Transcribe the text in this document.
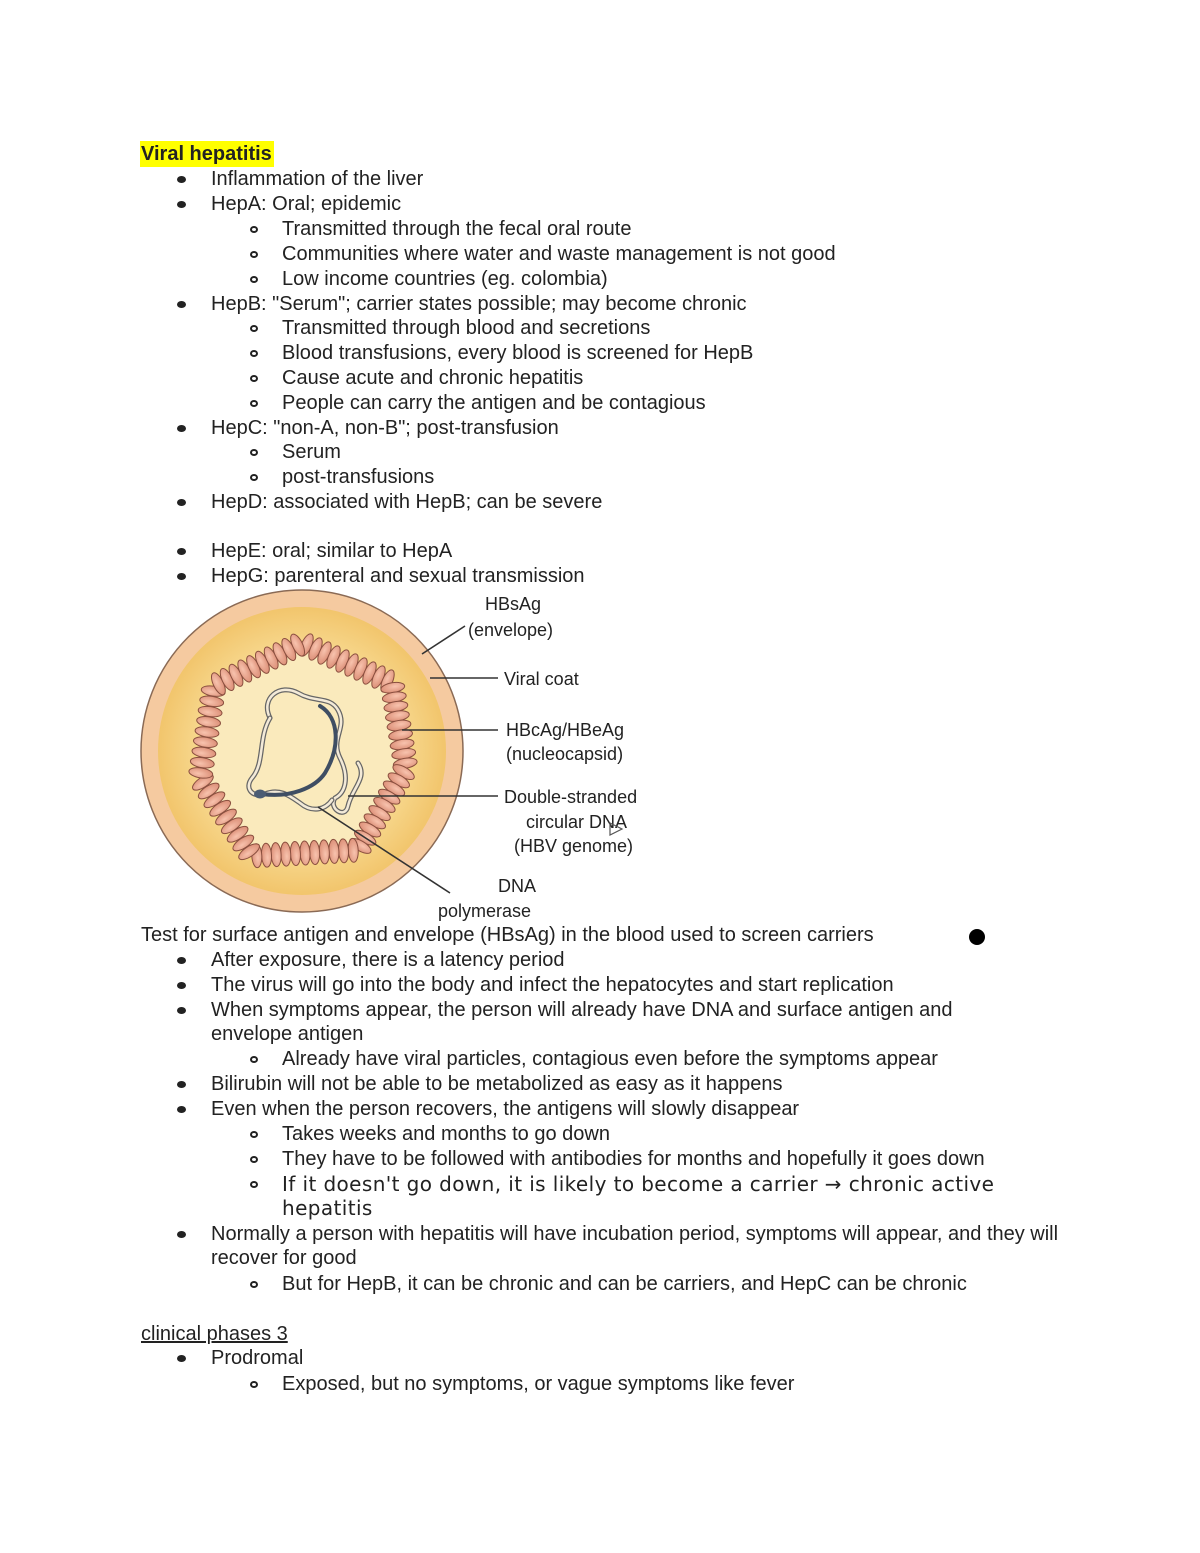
Viral hepatitis
Inflammation of the liver
HepA: Oral; epidemic
Transmitted through the fecal oral route
Communities where water and waste management is not good
Low income countries (eg. colombia)
HepB: "Serum"; carrier states possible; may become chronic
Transmitted through blood and secretions
Blood transfusions, every blood is screened for HepB
Cause acute and chronic hepatitis
People can carry the antigen and be contagious
HepC: "non-A, non-B"; post-transfusion
Serum
post-transfusions
HepD: associated with HepB; can be severe
HepE: oral; similar to HepA
HepG: parenteral and sexual transmission
HBsAg
(envelope)
Viral coat
HBcAg/HBeAg
(nucleocapsid)
Double-stranded
circular DNA
(HBV genome)
DNA
polymerase
Test for surface antigen and envelope (HBsAg) in the blood used to screen carriers
After exposure, there is a latency period
The virus will go into the body and infect the hepatocytes and start replication
When symptoms appear, the person will already have DNA and surface antigen and envelope antigen
Already have viral particles, contagious even before the symptoms appear
Bilirubin will not be able to be metabolized as easy as it happens
Even when the person recovers, the antigens will slowly disappear
Takes weeks and months to go down
They have to be followed with antibodies for months and hopefully it goes down
If it doesn't go down, it is likely to become a carrier → chronic active hepatitis
Normally a person with hepatitis will have incubation period, symptoms will appear, and they will recover for good
But for HepB, it can be chronic and can be carriers, and HepC can be chronic
clinical phases 3
Prodromal
Exposed, but no symptoms, or vague symptoms like fever
